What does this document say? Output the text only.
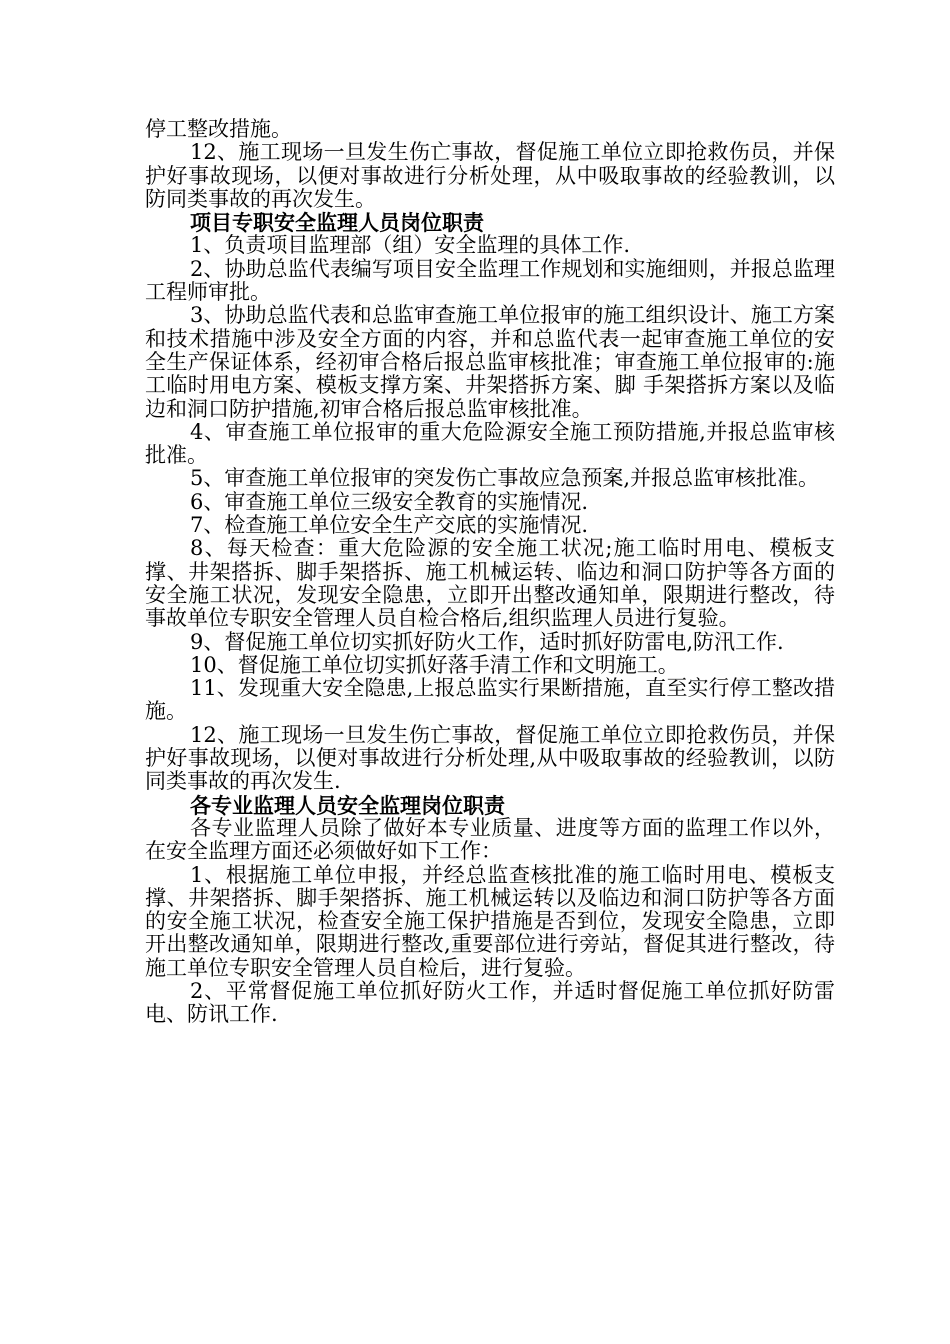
停工整改措施。

12、施工现场一旦发生伤亡事故，督促施工单位立即抢救伤员，并保护好事故现场，以便对事故进行分析处理，从中吸取事故的经验教训，以防同类事故的再次发生。

项目专职安全监理人员岗位职责

1、负责项目监理部（组）安全监理的具体工作.

2、协助总监代表编写项目安全监理工作规划和实施细则，并报总监理工程师审批。

3、协助总监代表和总监审查施工单位报审的施工组织设计、施工方案和技术措施中涉及安全方面的内容，并和总监代表一起审查施工单位的安全生产保证体系，经初审合格后报总监审核批准；审查施工单位报审的:施工临时用电方案、模板支撑方案、井架搭拆方案、脚 手架搭拆方案以及临边和洞口防护措施,初审合格后报总监审核批准。

4、审查施工单位报审的重大危险源安全施工预防措施,并报总监审核批准。

5、审查施工单位报审的突发伤亡事故应急预案,并报总监审核批准。

6、审查施工单位三级安全教育的实施情况.

7、检查施工单位安全生产交底的实施情况.

8、每天检查：重大危险源的安全施工状况;施工临时用电、模板支撑、井架搭拆、脚手架搭拆、施工机械运转、临边和洞口防护等各方面的安全施工状况，发现安全隐患，立即开出整改通知单，限期进行整改，待事故单位专职安全管理人员自检合格后,组织监理人员进行复验。

9、督促施工单位切实抓好防火工作，适时抓好防雷电,防汛工作.

10、督促施工单位切实抓好落手清工作和文明施工。

11、发现重大安全隐患,上报总监实行果断措施，直至实行停工整改措施。

12、施工现场一旦发生伤亡事故，督促施工单位立即抢救伤员，并保护好事故现场，以便对事故进行分析处理,从中吸取事故的经验教训，以防同类事故的再次发生.

各专业监理人员安全监理岗位职责

各专业监理人员除了做好本专业质量、进度等方面的监理工作以外，在安全监理方面还必须做好如下工作：

1、根据施工单位申报，并经总监查核批准的施工临时用电、模板支撑、井架搭拆、脚手架搭拆、施工机械运转以及临边和洞口防护等各方面的安全施工状况，检查安全施工保护措施是否到位，发现安全隐患，立即开出整改通知单，限期进行整改,重要部位进行旁站，督促其进行整改，待施工单位专职安全管理人员自检后，进行复验。

2、平常督促施工单位抓好防火工作，并适时督促施工单位抓好防雷电、防讯工作.
